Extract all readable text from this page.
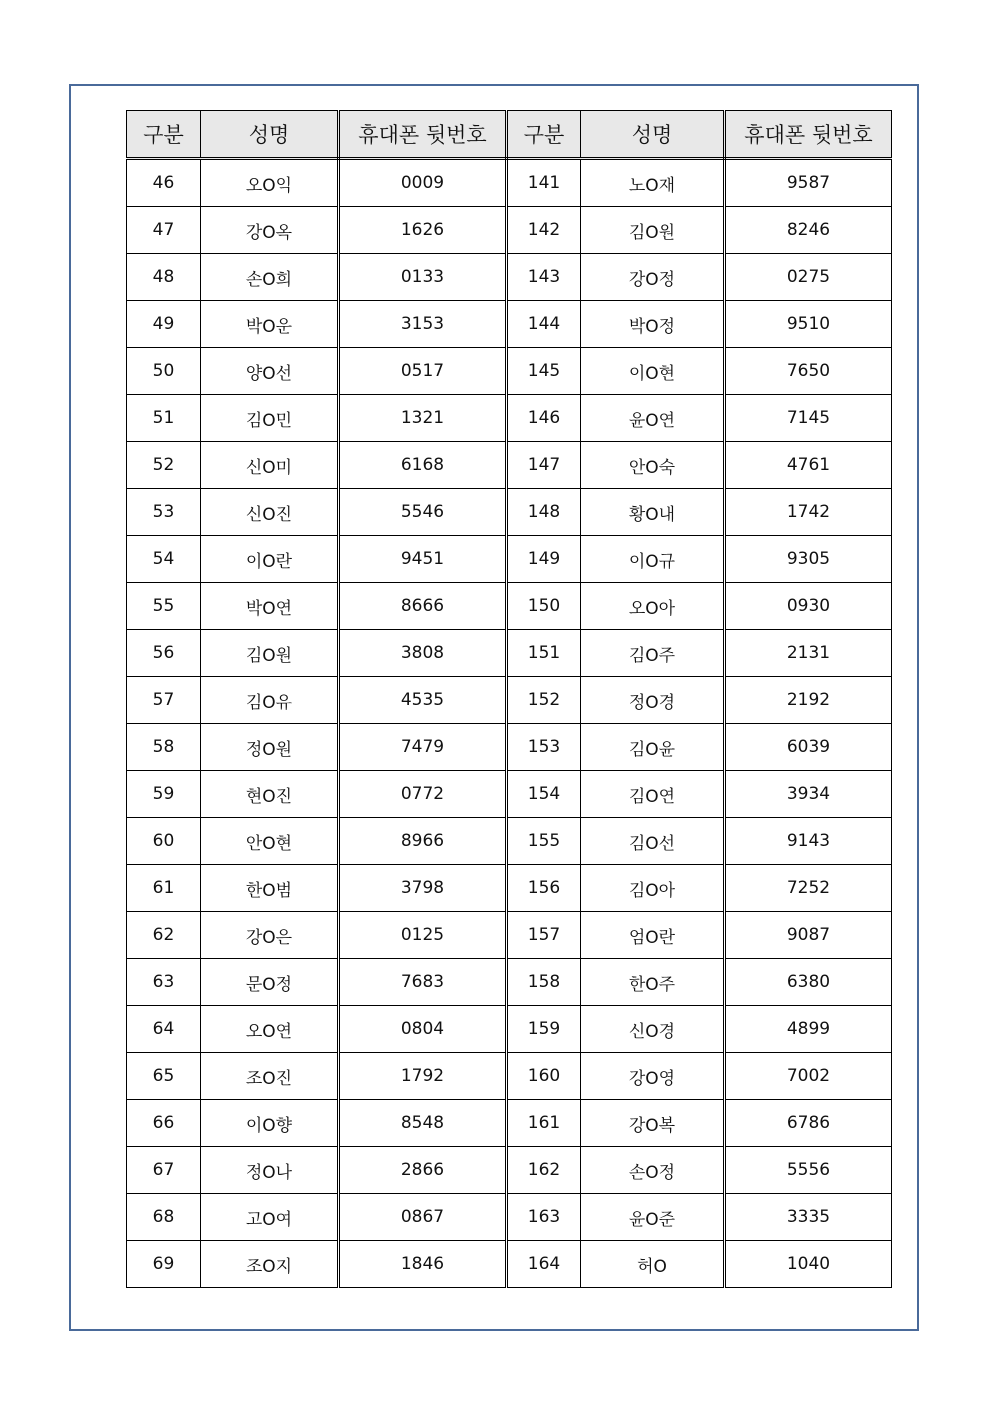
구분	성명	휴대폰 뒷번호	구분	성명	휴대폰 뒷번호
46	오O익	0009	141	노O재	9587
47	강O옥	1626	142	김O원	8246
48	손O희	0133	143	강O정	0275
49	박O운	3153	144	박O정	9510
50	양O선	0517	145	이O현	7650
51	김O민	1321	146	윤O연	7145
52	신O미	6168	147	안O숙	4761
53	신O진	5546	148	황O내	1742
54	이O란	9451	149	이O규	9305
55	박O연	8666	150	오O아	0930
56	김O원	3808	151	김O주	2131
57	김O유	4535	152	정O경	2192
58	정O원	7479	153	김O윤	6039
59	현O진	0772	154	김O연	3934
60	안O현	8966	155	김O선	9143
61	한O범	3798	156	김O아	7252
62	강O은	0125	157	엄O란	9087
63	문O정	7683	158	한O주	6380
64	오O연	0804	159	신O경	4899
65	조O진	1792	160	강O영	7002
66	이O향	8548	161	강O복	6786
67	정O나	2866	162	손O정	5556
68	고O여	0867	163	윤O준	3335
69	조O지	1846	164	허O	1040
